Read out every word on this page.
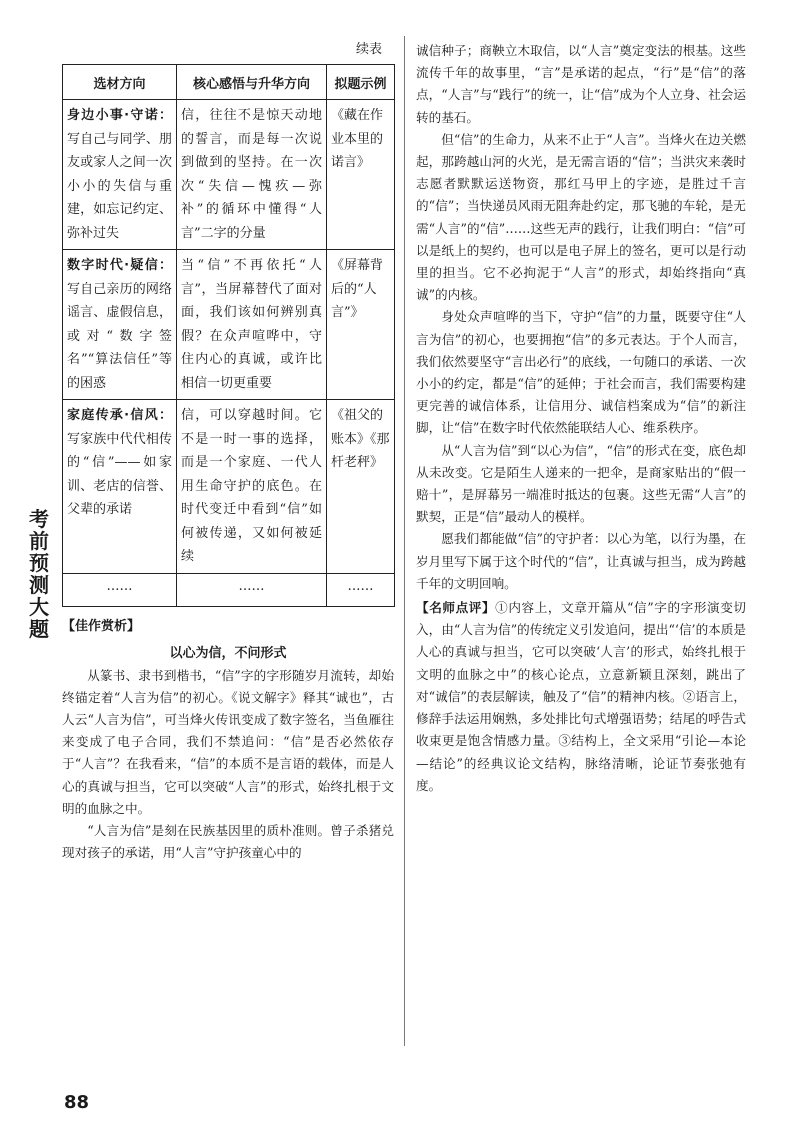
考前预测大题
88
续表
选材方向	核心感悟与升华方向	拟题示例
身边小事·守诺：写自己与同学、朋友或家人之间一次小小的失信与重建，如忘记约定、弥补过失	信，往往不是惊天动地的誓言，而是每一次说到做到的坚持。在一次次“失信—愧疚—弥补”的循环中懂得“人言”二字的分量	《藏在作业本里的诺言》
数字时代·疑信：写自己亲历的网络谣言、虚假信息，或对“数字签名”“算法信任”等的困惑	当“信”不再依托“人言”，当屏幕替代了面对面，我们该如何辨别真假？在众声喧哗中，守住内心的真诚，或许比相信一切更重要	《屏幕背后的“人言”》
家庭传承·信风：写家族中代代相传的“信”——如家训、老店的信誉、父辈的承诺	信，可以穿越时间。它不是一时一事的选择，而是一个家庭、一代人用生命守护的底色。在时代变迁中看到“信”如何被传递，又如何被延续	《祖父的账本》《那杆老秤》
……	……	……
【佳作赏析】
以心为信，不问形式

从篆书、隶书到楷书，“信”字的字形随岁月流转，却始终锚定着“人言为信”的初心。《说文解字》释其“诚也”，古人云“人言为信”，可当烽火传讯变成了数字签名，当鱼雁往来变成了电子合同，我们不禁追问：“信”是否必然依存于“人言”？在我看来，“信”的本质不是言语的载体，而是人心的真诚与担当，它可以突破“人言”的形式，始终扎根于文明的血脉之中。

“人言为信”是刻在民族基因里的质朴准则。曾子杀猪兑现对孩子的承诺，用“人言”守护孩童心中的

诚信种子；商鞅立木取信，以“人言”奠定变法的根基。这些流传千年的故事里，“言”是承诺的起点，“行”是“信”的落点，“人言”与“践行”的统一，让“信”成为个人立身、社会运转的基石。

但“信”的生命力，从来不止于“人言”。当烽火在边关燃起，那跨越山河的火光，是无需言语的“信”；当洪灾来袭时志愿者默默运送物资，那红马甲上的字迹，是胜过千言的“信”；当快递员风雨无阻奔赴约定，那飞驰的车轮，是无需“人言”的“信”……这些无声的践行，让我们明白：“信”可以是纸上的契约，也可以是电子屏上的签名，更可以是行动里的担当。它不必拘泥于“人言”的形式，却始终指向“真诚”的内核。

身处众声喧哗的当下，守护“信”的力量，既要守住“人言为信”的初心，也要拥抱“信”的多元表达。于个人而言，我们依然要坚守“言出必行”的底线，一句随口的承诺、一次小小的约定，都是“信”的延伸；于社会而言，我们需要构建更完善的诚信体系，让信用分、诚信档案成为“信”的新注脚，让“信”在数字时代依然能联结人心、维系秩序。

从“人言为信”到“以心为信”，“信”的形式在变，底色却从未改变。它是陌生人递来的一把伞，是商家贴出的“假一赔十”，是屏幕另一端准时抵达的包裹。这些无需“人言”的默契，正是“信”最动人的模样。

愿我们都能做“信”的守护者：以心为笔，以行为墨，在岁月里写下属于这个时代的“信”，让真诚与担当，成为跨越千年的文明回响。

【名师点评】①内容上，文章开篇从“信”字的字形演变切入，由“人言为信”的传统定义引发追问，提出“‘信’的本质是人心的真诚与担当，它可以突破‘人言’的形式，始终扎根于文明的血脉之中”的核心论点，立意新颖且深刻，跳出了对“诚信”的表层解读，触及了“信”的精神内核。②语言上，修辞手法运用娴熟，多处排比句式增强语势；结尾的呼告式收束更是饱含情感力量。③结构上，全文采用“引论—本论—结论”的经典议论文结构，脉络清晰，论证节奏张弛有度。
